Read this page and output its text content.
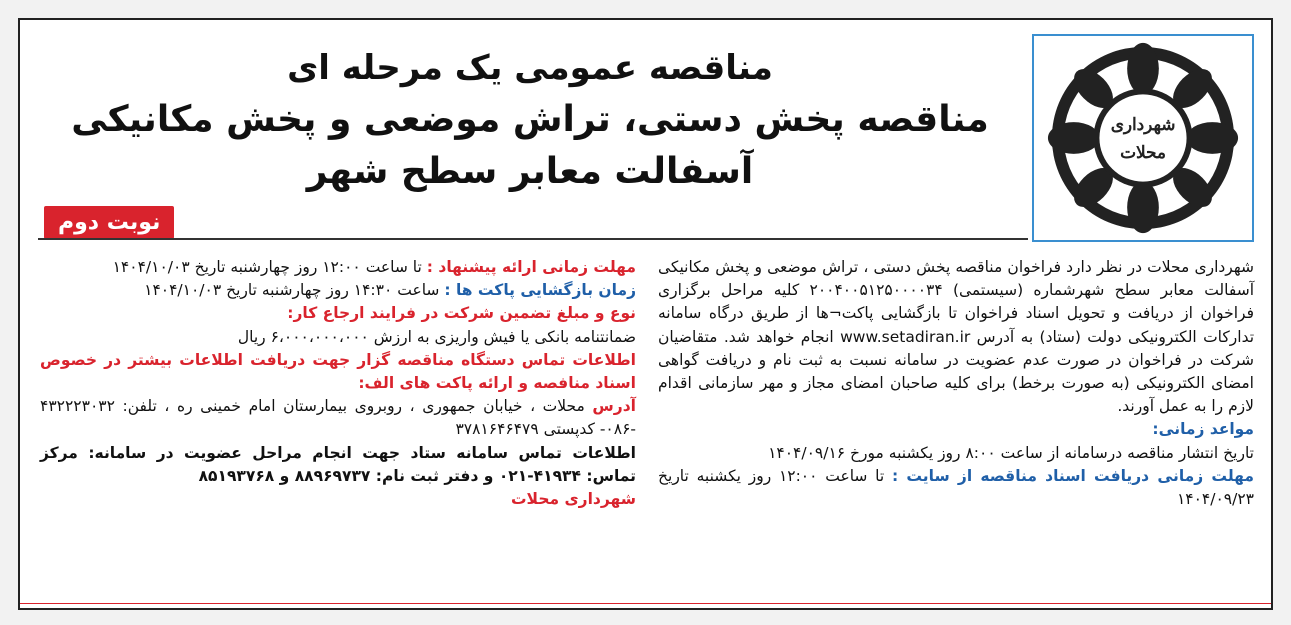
شهرداری
محلات
مناقصه عمومی یک مرحله ای
مناقصه پخش دستی، تراش موضعی و پخش مکانیکی
آسفالت معابر سطح شهر
نوبت دوم

شهرداری محلات در نظر دارد فراخوان مناقصه پخش دستی ، تراش موضعی و پخش مکانیکی آسفالت معابر سطح شهرشماره (سیستمی) ۲۰۰۴۰۰۵۱۲۵۰۰۰۰۳۴ کلیه مراحل برگزاری فراخوان از دریافت و تحویل اسناد فراخوان تا بازگشایی پاکت¬ها از طریق درگاه سامانه تدارکات الکترونیکی دولت (ستاد) به آدرس www.setadiran.ir انجام خواهد شد. متقاضیان شرکت در فراخوان در صورت عدم عضویت در سامانه نسبت به ثبت نام و دریافت گواهی امضای الکترونیکی (به صورت برخط) برای کلیه صاحبان امضای مجاز و مهر سازمانی اقدام لازم را به عمل آورند.

مواعد زمانی:

تاریخ انتشار مناقصه درسامانه از ساعت ۸:۰۰ روز یکشنبه مورخ ۱۴۰۴/۰۹/۱۶

مهلت زمانی دریافت اسناد مناقصه از سایت : تا ساعت ۱۲:۰۰ روز یکشنبه تاریخ ۱۴۰۴/۰۹/۲۳

مهلت زمانی ارائه پیشنهاد : تا ساعت ۱۲:۰۰ روز چهارشنبه تاریخ ۱۴۰۴/۱۰/۰۳

زمان بازگشایی پاکت ها : ساعت ۱۴:۳۰ روز چهارشنبه تاریخ ۱۴۰۴/۱۰/۰۳

نوع و مبلغ تضمین شرکت در فرایند ارجاع کار:

ضمانتنامه بانکی یا فیش واریزی به ارزش ۶،۰۰۰،۰۰۰،۰۰۰ ریال

اطلاعات تماس دستگاه مناقصه گزار جهت دریافت اطلاعات بیشتر در خصوص اسناد منافصه و ارائه پاکت های الف:

آدرس محلات ، خیابان جمهوری ، روبروی بیمارستان امام خمینی ره ، تلفن: ۴۳۲۲۲۳۰۳۲ -۰۸۶- کدپستی ۳۷۸۱۶۴۶۴۷۹

اطلاعات تماس سامانه ستاد جهت انجام مراحل عضویت در سامانه: مرکز تماس: ۴۱۹۳۴-۰۲۱ و دفتر ثبت نام: ۸۸۹۶۹۷۳۷ و ۸۵۱۹۳۷۶۸

شهرداری محلات
